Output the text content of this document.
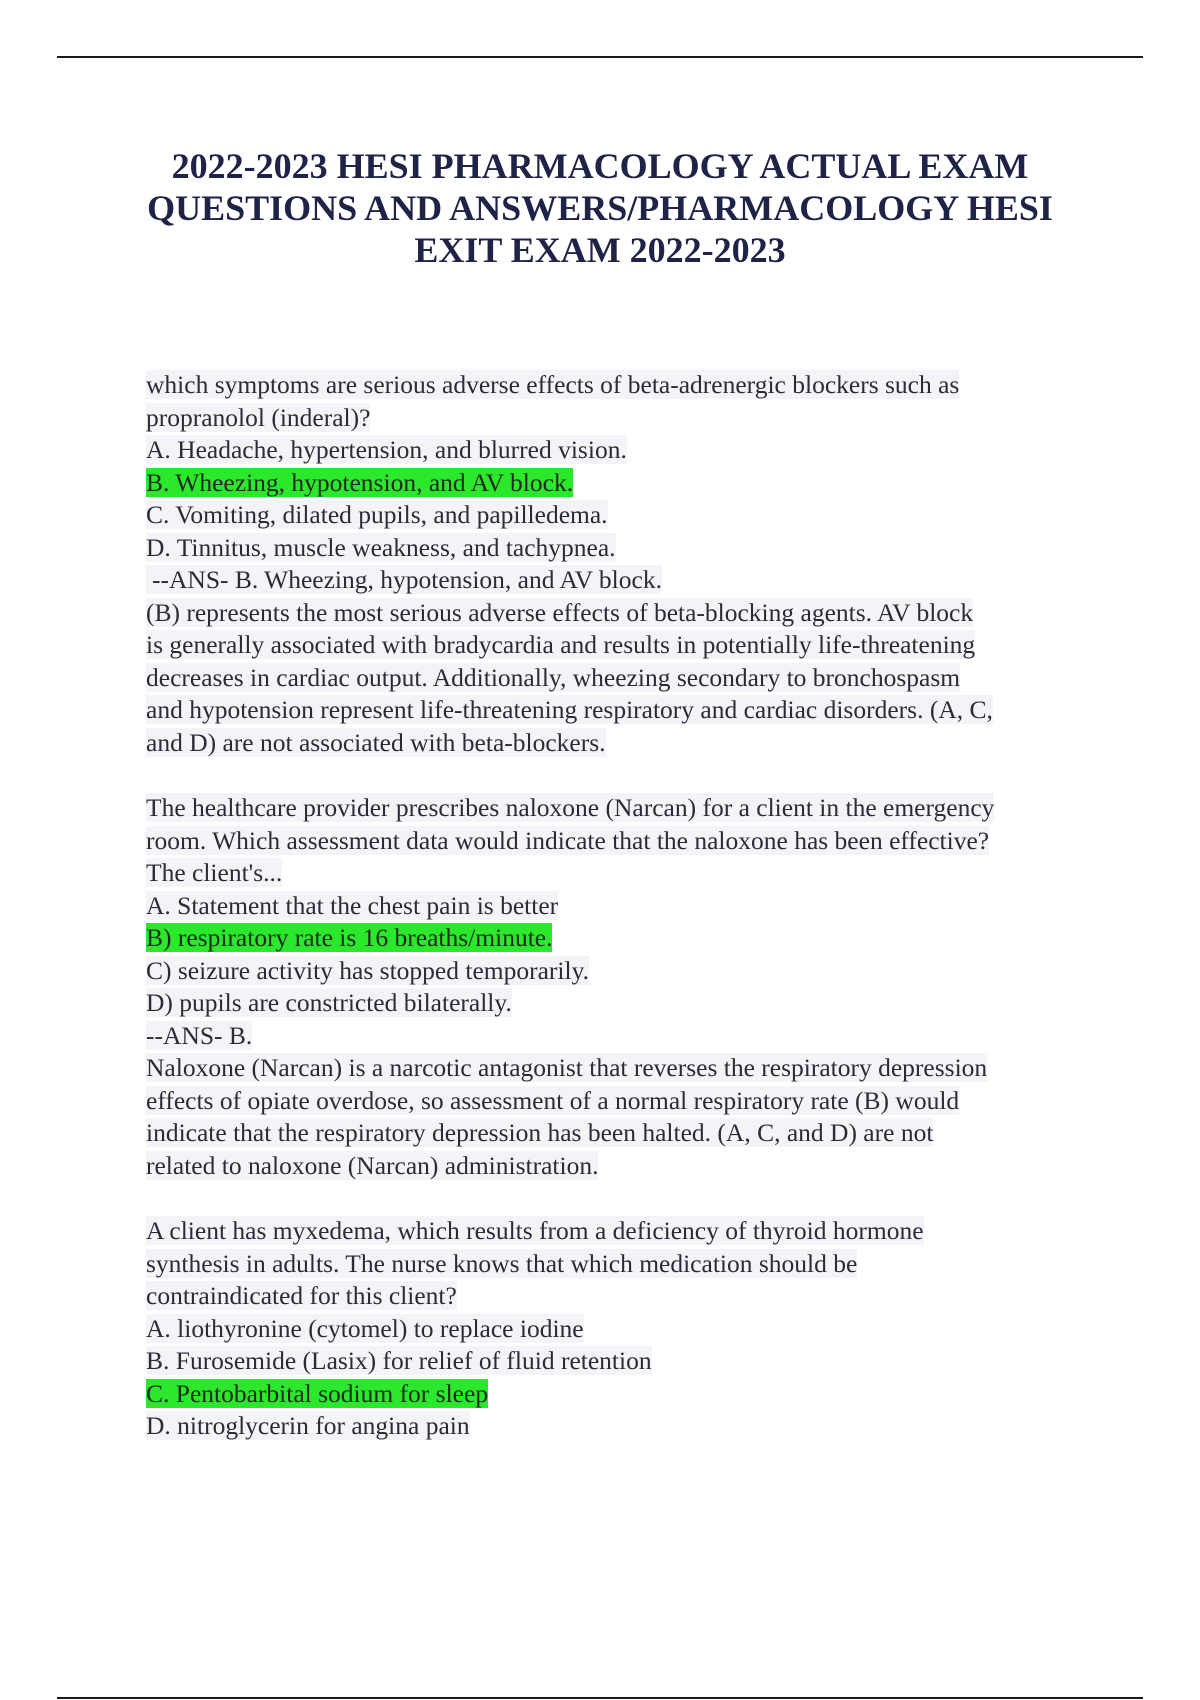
2022-2023 HESI PHARMACOLOGY ACTUAL EXAM
QUESTIONS AND ANSWERS/PHARMACOLOGY HESI
EXIT EXAM 2022-2023
which symptoms are serious adverse effects of beta-adrenergic blockers such as
propranolol (inderal)?
A. Headache, hypertension, and blurred vision.
B. Wheezing, hypotension, and AV block.
C. Vomiting, dilated pupils, and papilledema.
D. Tinnitus, muscle weakness, and tachypnea.
--ANS- B. Wheezing, hypotension, and AV block.
(B) represents the most serious adverse effects of beta-blocking agents. AV block
is generally associated with bradycardia and results in potentially life-threatening
decreases in cardiac output. Additionally, wheezing secondary to bronchospasm
and hypotension represent life-threatening respiratory and cardiac disorders. (A, C,
and D) are not associated with beta-blockers.
The healthcare provider prescribes naloxone (Narcan) for a client in the emergency
room. Which assessment data would indicate that the naloxone has been effective?
The client's...
A. Statement that the chest pain is better
B) respiratory rate is 16 breaths/minute.
C) seizure activity has stopped temporarily.
D) pupils are constricted bilaterally.
--ANS- B.
Naloxone (Narcan) is a narcotic antagonist that reverses the respiratory depression
effects of opiate overdose, so assessment of a normal respiratory rate (B) would
indicate that the respiratory depression has been halted. (A, C, and D) are not
related to naloxone (Narcan) administration.
A client has myxedema, which results from a deficiency of thyroid hormone
synthesis in adults. The nurse knows that which medication should be
contraindicated for this client?
A. liothyronine (cytomel) to replace iodine
B. Furosemide (Lasix) for relief of fluid retention
C. Pentobarbital sodium for sleep
D. nitroglycerin for angina pain
